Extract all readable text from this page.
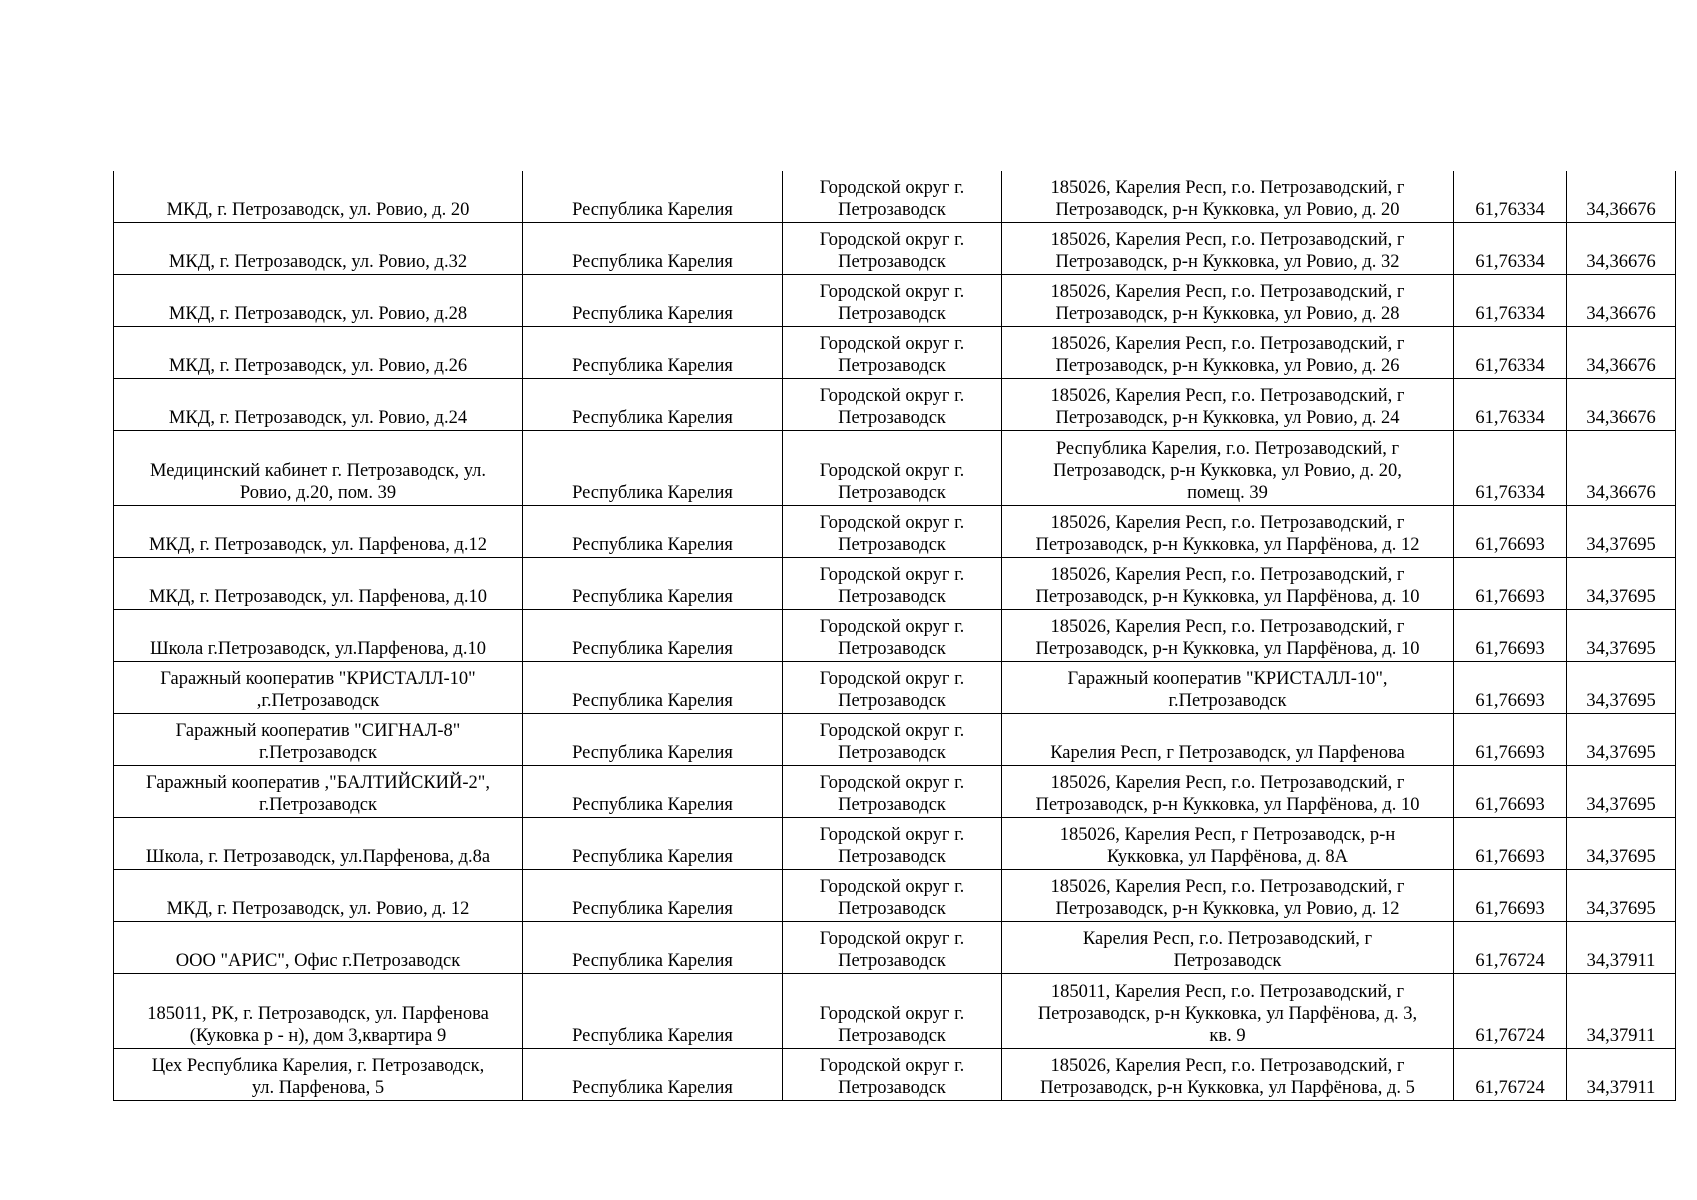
МКД, г. Петрозаводск, ул. Ровио, д. 20	Республика Карелия	Городской округ г.
Петрозаводск	185026, Карелия Респ, г.о. Петрозаводский, г
Петрозаводск, р-н Кукковка, ул Ровио, д. 20	61,76334	34,36676
МКД, г. Петрозаводск, ул. Ровио, д.32	Республика Карелия	Городской округ г.
Петрозаводск	185026, Карелия Респ, г.о. Петрозаводский, г
Петрозаводск, р-н Кукковка, ул Ровио, д. 32	61,76334	34,36676
МКД, г. Петрозаводск, ул. Ровио, д.28	Республика Карелия	Городской округ г.
Петрозаводск	185026, Карелия Респ, г.о. Петрозаводский, г
Петрозаводск, р-н Кукковка, ул Ровио, д. 28	61,76334	34,36676
МКД, г. Петрозаводск, ул. Ровио, д.26	Республика Карелия	Городской округ г.
Петрозаводск	185026, Карелия Респ, г.о. Петрозаводский, г
Петрозаводск, р-н Кукковка, ул Ровио, д. 26	61,76334	34,36676
МКД, г. Петрозаводск, ул. Ровио, д.24	Республика Карелия	Городской округ г.
Петрозаводск	185026, Карелия Респ, г.о. Петрозаводский, г
Петрозаводск, р-н Кукковка, ул Ровио, д. 24	61,76334	34,36676
Медицинский кабинет г. Петрозаводск, ул.
Ровио, д.20, пом. 39	Республика Карелия	Городской округ г.
Петрозаводск	Республика Карелия, г.о. Петрозаводский, г
Петрозаводск, р-н Кукковка, ул Ровио, д. 20,
помещ. 39	61,76334	34,36676
МКД, г. Петрозаводск, ул. Парфенова, д.12	Республика Карелия	Городской округ г.
Петрозаводск	185026, Карелия Респ, г.о. Петрозаводский, г
Петрозаводск, р-н Кукковка, ул Парфёнова, д. 12	61,76693	34,37695
МКД, г. Петрозаводск, ул. Парфенова, д.10	Республика Карелия	Городской округ г.
Петрозаводск	185026, Карелия Респ, г.о. Петрозаводский, г
Петрозаводск, р-н Кукковка, ул Парфёнова, д. 10	61,76693	34,37695
Школа г.Петрозаводск, ул.Парфенова, д.10	Республика Карелия	Городской округ г.
Петрозаводск	185026, Карелия Респ, г.о. Петрозаводский, г
Петрозаводск, р-н Кукковка, ул Парфёнова, д. 10	61,76693	34,37695
Гаражный кооператив "КРИСТАЛЛ-10"
,г.Петрозаводск	Республика Карелия	Городской округ г.
Петрозаводск	Гаражный кооператив "КРИСТАЛЛ-10",
г.Петрозаводск	61,76693	34,37695
Гаражный кооператив "СИГНАЛ-8"
г.Петрозаводск	Республика Карелия	Городской округ г.
Петрозаводск	Карелия Респ, г Петрозаводск, ул Парфенова	61,76693	34,37695
Гаражный кооператив ,"БАЛТИЙСКИЙ-2",
г.Петрозаводск	Республика Карелия	Городской округ г.
Петрозаводск	185026, Карелия Респ, г.о. Петрозаводский, г
Петрозаводск, р-н Кукковка, ул Парфёнова, д. 10	61,76693	34,37695
Школа, г. Петрозаводск, ул.Парфенова, д.8а	Республика Карелия	Городской округ г.
Петрозаводск	185026, Карелия Респ, г Петрозаводск, р-н
Кукковка, ул Парфёнова, д. 8А	61,76693	34,37695
МКД, г. Петрозаводск, ул. Ровио, д. 12	Республика Карелия	Городской округ г.
Петрозаводск	185026, Карелия Респ, г.о. Петрозаводский, г
Петрозаводск, р-н Кукковка, ул Ровио, д. 12	61,76693	34,37695
ООО "АРИС", Офис г.Петрозаводск	Республика Карелия	Городской округ г.
Петрозаводск	Карелия Респ, г.о. Петрозаводский, г
Петрозаводск	61,76724	34,37911
185011, РК, г. Петрозаводск, ул. Парфенова
(Куковка р - н), дом 3,квартира 9	Республика Карелия	Городской округ г.
Петрозаводск	185011, Карелия Респ, г.о. Петрозаводский, г
Петрозаводск, р-н Кукковка, ул Парфёнова, д. 3,
кв. 9	61,76724	34,37911
Цех Республика Карелия, г. Петрозаводск,
ул. Парфенова, 5	Республика Карелия	Городской округ г.
Петрозаводск	185026, Карелия Респ, г.о. Петрозаводский, г
Петрозаводск, р-н Кукковка, ул Парфёнова, д. 5	61,76724	34,37911
